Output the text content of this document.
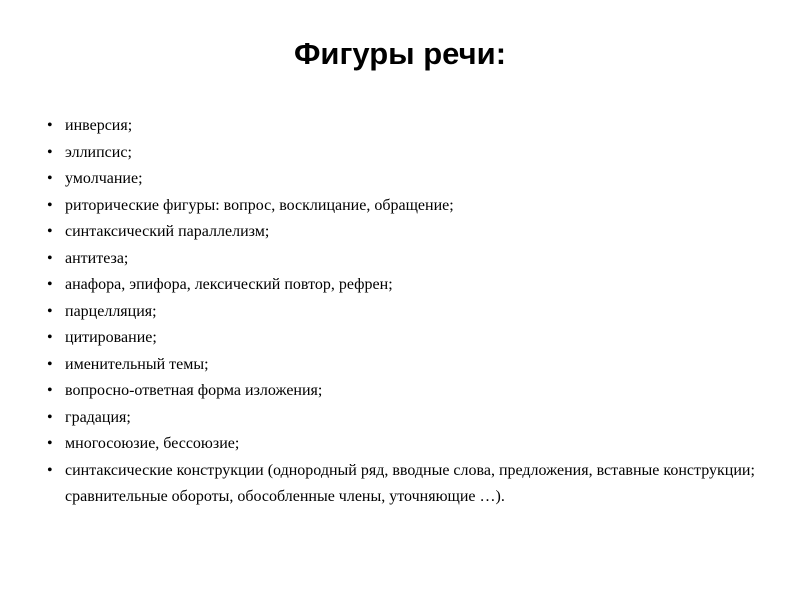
Фигуры речи:
• инверсия;
• эллипсис;
• умолчание;
• риторические фигуры: вопрос, восклицание, обращение;
• синтаксический параллелизм;
• антитеза;
• анафора, эпифора, лексический повтор, рефрен;
• парцелляция;
• цитирование;
• именительный темы;
• вопросно-ответная форма изложения;
• градация;
• многосоюзие, бессоюзие;
• синтаксические конструкции (однородный ряд, вводные слова, предложения, вставные конструкции; сравнительные обороты, обособленные члены, уточняющие …).
